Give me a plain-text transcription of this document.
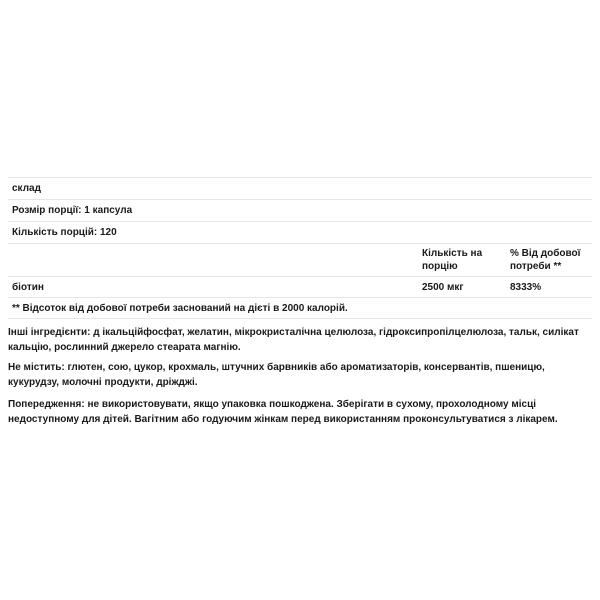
склад
Розмір порції: 1 капсула
Кількість порцій: 120
Кількість на порцію
% Від добової потреби **
біотин	2500 мкг	8333%
** Відсоток від добової потреби заснований на дієті в 2000 калорій.
Інші інгредієнти: д ікальційфосфат, желатин, мікрокристалічна целюлоза, гідроксипропілцелюлоза, тальк, силікат кальцію, рослинний джерело стеарата магнію.
Не містить: глютен, сою, цукор, крохмаль, штучних барвників або ароматизаторів, консервантів, пшеницю, кукурудзу, молочні продукти, дріжджі.
Попередження: не використовувати, якщо упаковка пошкоджена. Зберігати в сухому, прохолодному місці недоступному для дітей. Вагітним або годуючим жінкам перед використанням проконсультуватися з лікарем.
